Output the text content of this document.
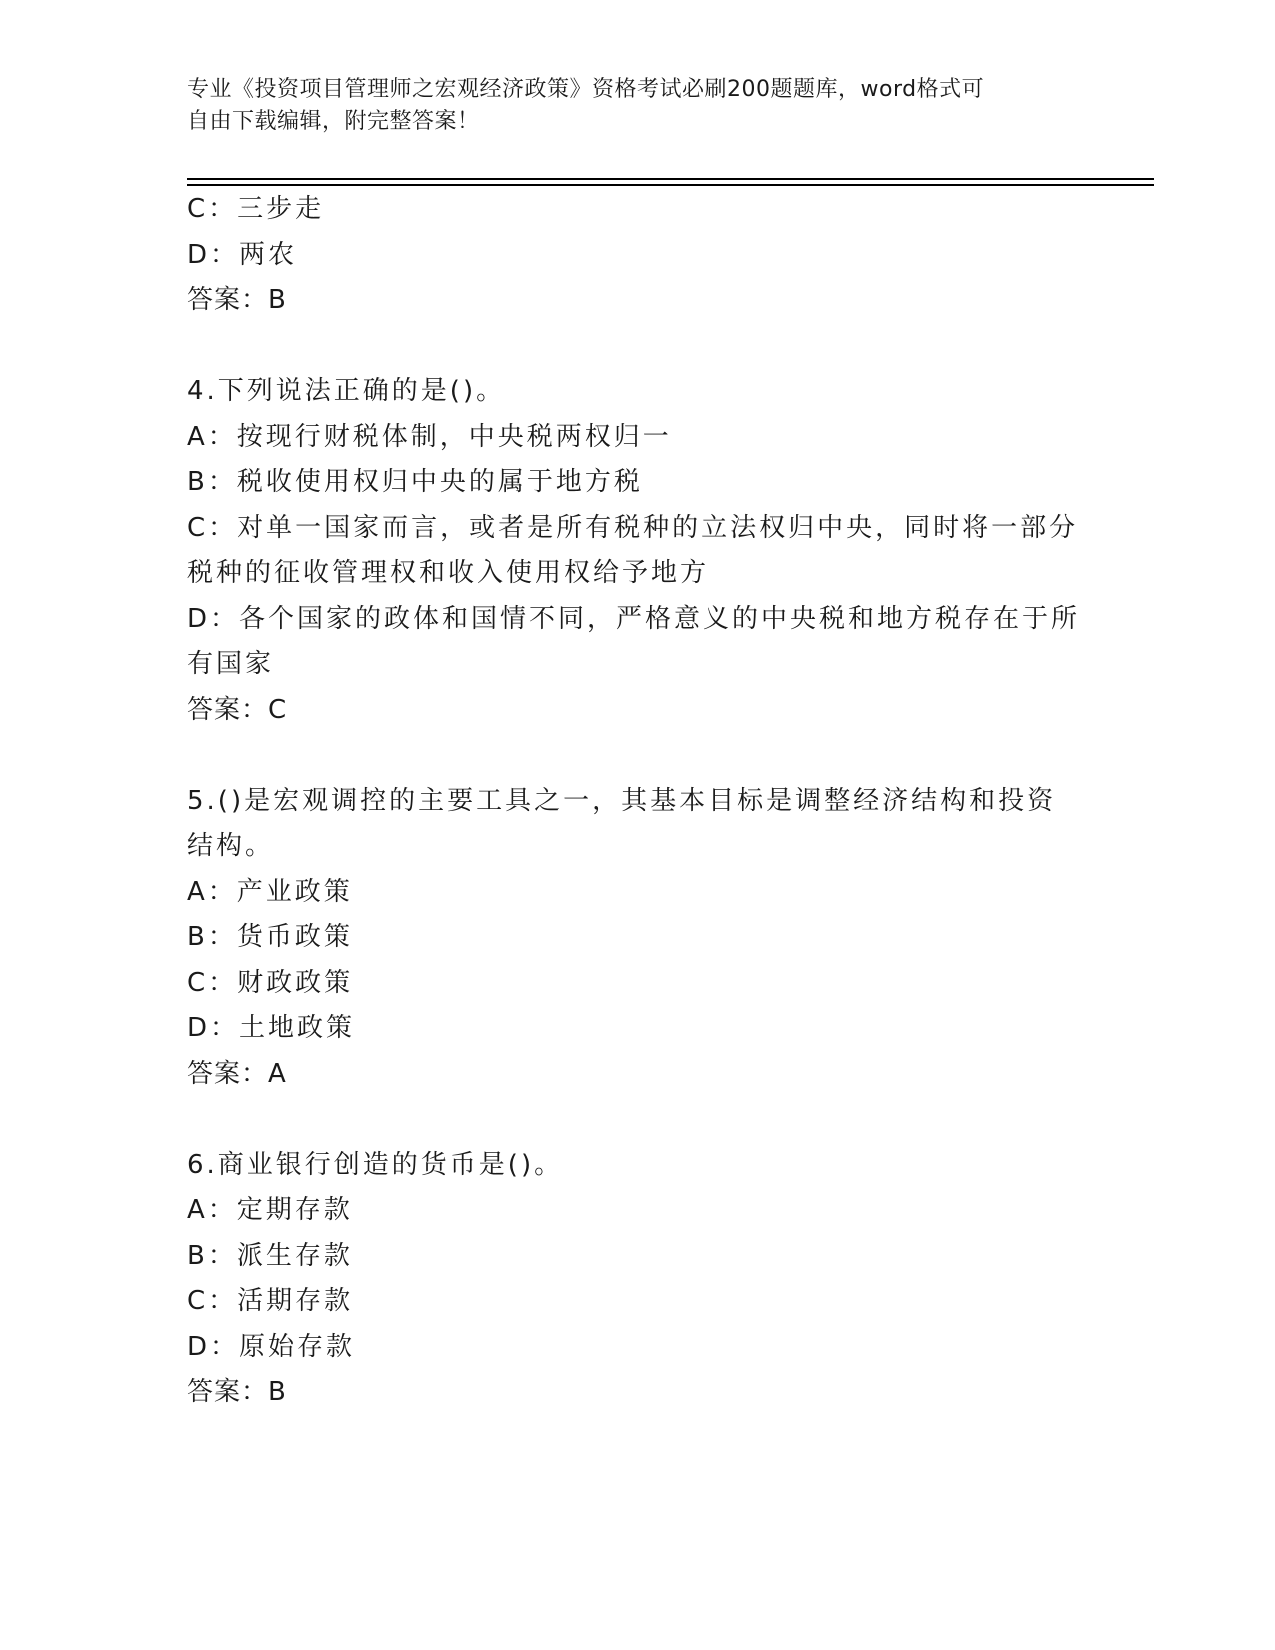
专业《投资项目管理师之宏观经济政策》资格考试必刷200题题库，word格式可
自由下载编辑，附完整答案！
C：三步走
D：两农
答案：B
4.下列说法正确的是()。
A：按现行财税体制，中央税两权归一
B：税收使用权归中央的属于地方税
C：对单一国家而言，或者是所有税种的立法权归中央，同时将一部分
税种的征收管理权和收入使用权给予地方
D：各个国家的政体和国情不同，严格意义的中央税和地方税存在于所
有国家
答案：C
5.()是宏观调控的主要工具之一，其基本目标是调整经济结构和投资
结构。
A：产业政策
B：货币政策
C：财政政策
D：土地政策
答案：A
6.商业银行创造的货币是()。
A：定期存款
B：派生存款
C：活期存款
D：原始存款
答案：B
